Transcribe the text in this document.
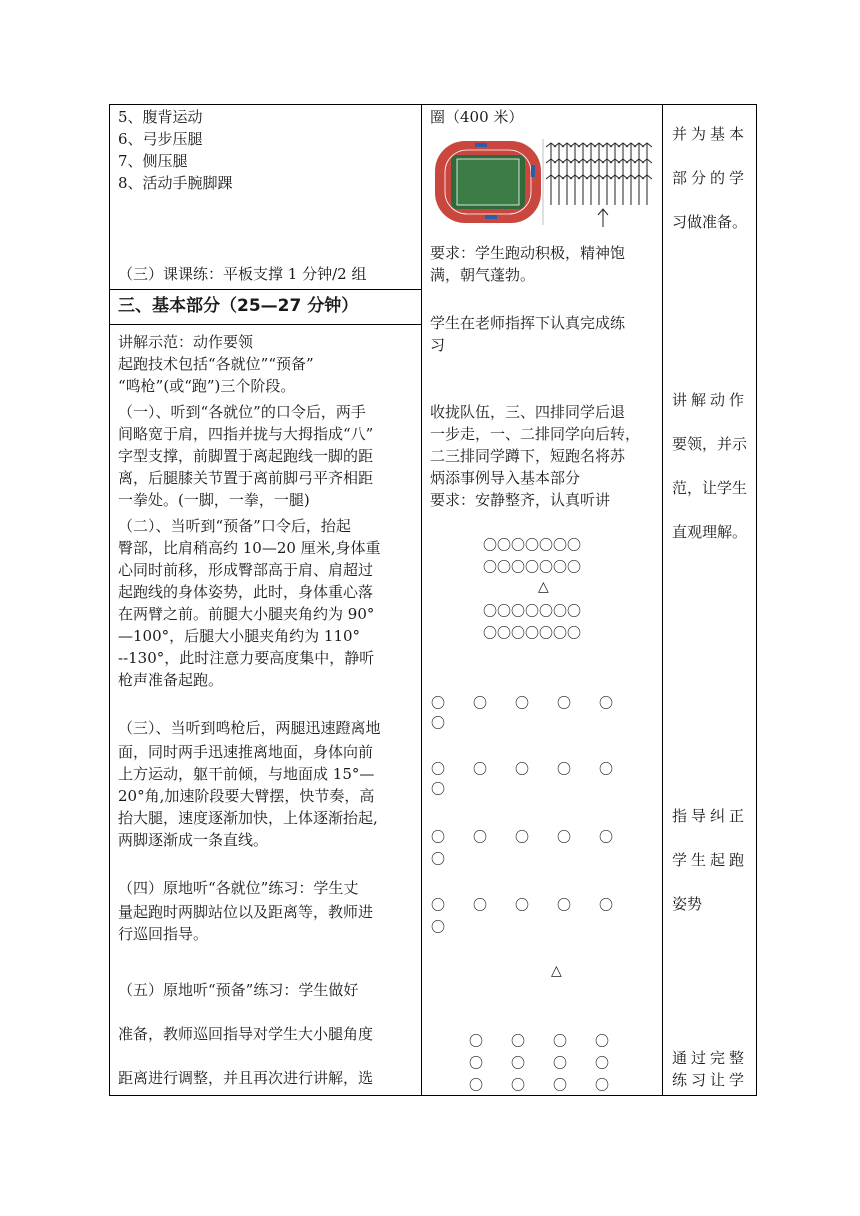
5、腹背运动
6、弓步压腿
7、侧压腿
8、活动手腕脚踝
（三）课课练：平板支撑 1 分钟/2 组
三、基本部分（25—27 分钟）
讲解示范：动作要领
起跑技术包括“各就位”“预备”
“鸣枪”(或“跑”)三个阶段。
（一）、听到“各就位”的口令后，两手
间略宽于肩，四指并拢与大拇指成“八”
字型支撑，前脚置于离起跑线一脚的距
离，后腿膝关节置于离前脚弓平齐相距
一拳处。(一脚，一拳，一腿)
（二）、当听到“预备”口令后，抬起
臀部，比肩稍高约 10—20 厘米,身体重
心同时前移，形成臀部高于肩、肩超过
起跑线的身体姿势，此时，身体重心落
在两臂之前。前腿大小腿夹角约为 90°
—100°，后腿大小腿夹角约为 110°
--130°，此时注意力要高度集中，静听
枪声准备起跑。
（三）、当听到鸣枪后，两腿迅速蹬离地
面，同时两手迅速推离地面，身体向前
上方运动，躯干前倾，与地面成 15°—
20°角,加速阶段要大臂摆，快节奏，高
抬大腿，速度逐渐加快，上体逐渐抬起,
两脚逐渐成一条直线。
（四）原地听“各就位”练习：学生丈
量起跑时两脚站位以及距离等，教师进
行巡回指导。
（五）原地听“预备”练习：学生做好
准备，教师巡回指导对学生大小腿角度
距离进行调整，并且再次进行讲解，选
圈（400 米）
要求：学生跑动积极，精神饱
满，朝气蓬勃。
学生在老师指挥下认真完成练
习
收拢队伍，三、四排同学后退
一步走，一、二排同学向后转，
二三排同学蹲下，短跑名将苏
炳添事例导入基本部分
要求：安静整齐，认真听讲
〇〇〇〇〇〇〇
〇〇〇〇〇〇〇
△
〇〇〇〇〇〇〇
〇〇〇〇〇〇〇
〇　　〇　　〇　　〇　　〇
〇
〇　　〇　　〇　　〇　　〇
〇
〇　　〇　　〇　　〇　　〇
〇
〇　　〇　　〇　　〇　　〇
〇
△
〇　　〇　　〇　　〇
〇　　〇　　〇　　〇
〇　　〇　　〇　　〇
并为基本
部分的学
习做准备。
讲解动作
要领，并示
范，让学生
直观理解。
指导纠正
学生起跑
姿势
通过完整
练习让学
